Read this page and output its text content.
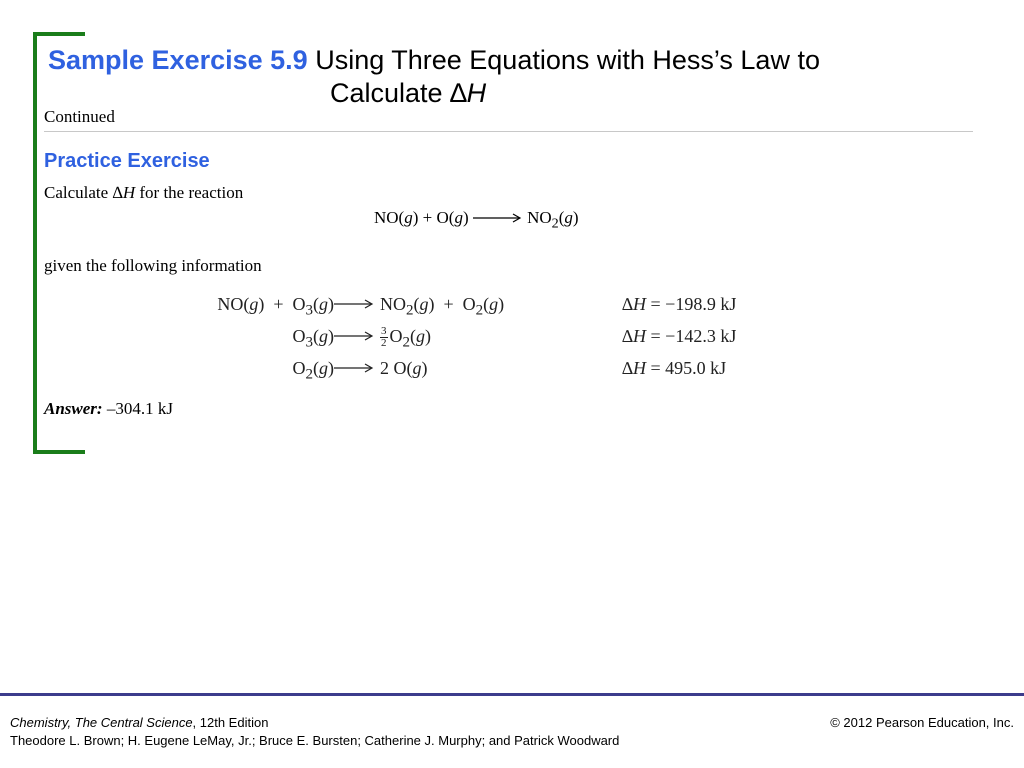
Sample Exercise 5.9 Using Three Equations with Hess’s Law to
Calculate ∆H
Continued
Practice Exercise
Calculate ∆H for the reaction
$NO(g) + O(g) \to NO_2(g)$
given the following information
$NO(g) + O_3(g)$	$NO_2(g) + O_2(g)$	∆H = −198.9 kJ
$O_3(g)$	$\frac{3}{2} O_2(g)$	∆H = −142.3 kJ
$O_2(g)$	2 O(g)	∆H = 495.0 kJ
Answer: –304.1 kJ
Chemistry, The Central Science, 12th Edition
Theodore L. Brown; H. Eugene LeMay, Jr.; Bruce E. Bursten; Catherine J. Murphy; and Patrick Woodward
© 2012 Pearson Education, Inc.
